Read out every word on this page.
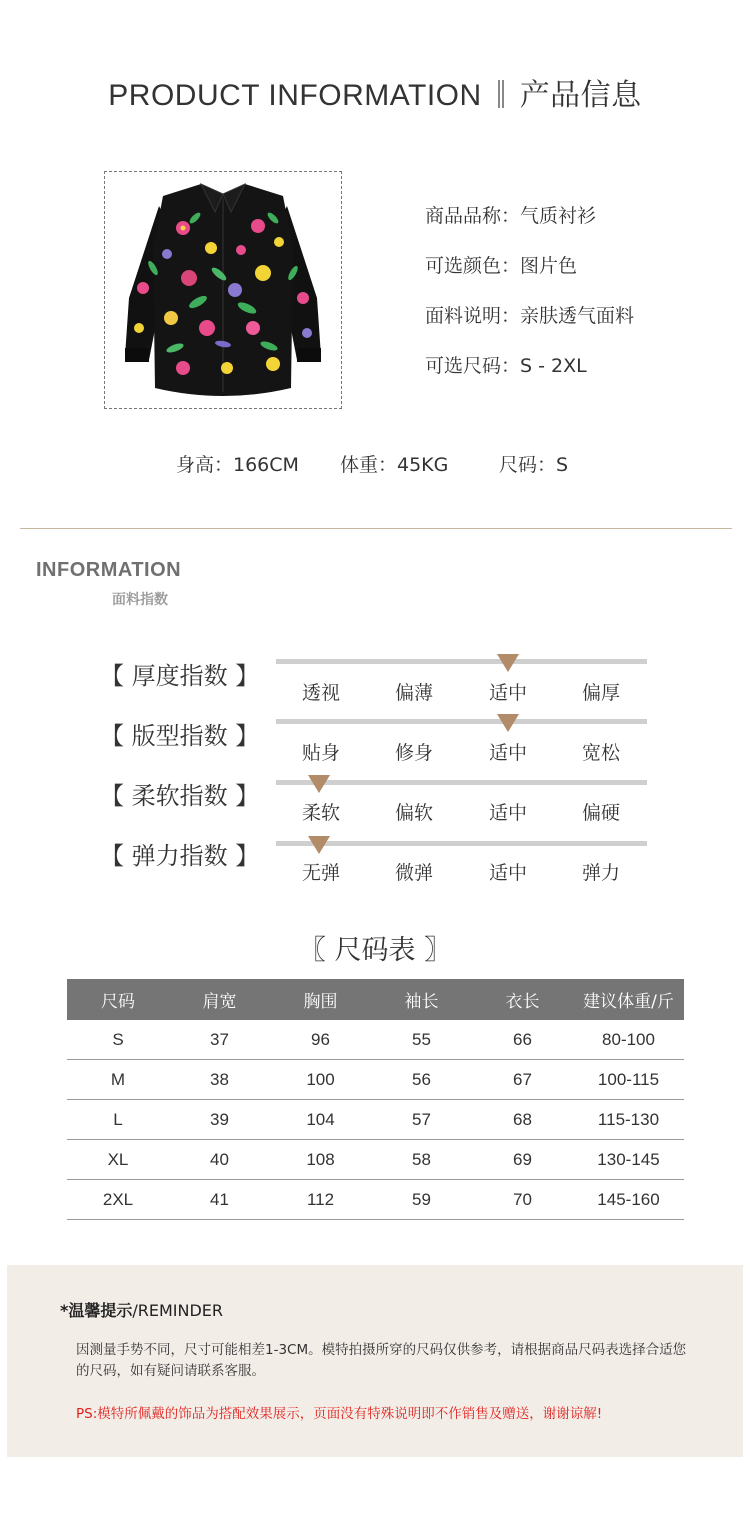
PRODUCT INFORMATION 产品信息
商品品称：气质衬衫
可选颜色：图片色
面料说明：亲肤透气面料
可选尺码：S - 2XL
身高：166CM 体重：45KG	尺码：S
INFORMATION
面料指数
【 厚度指数 】
透视	偏薄	适中	偏厚
【 版型指数 】
贴身	修身	适中	宽松
【 柔软指数 】
柔软	偏软	适中	偏硬
【 弹力指数 】
无弹	微弹	适中	弹力
〖 尺码表 〗
尺码	肩宽	胸围	袖长	衣长	建议体重/斤
S	37	96	55	66	80-100
M	38	100	56	67	100-115
L	39	104	57	68	115-130
XL	40	108	58	69	130-145
2XL	41	112	59	70	145-160
*温馨提示/REMINDER
因测量手势不同，尺寸可能相差1-3CM。模特拍摄所穿的尺码仅供参考，请根据商品尺码表选择合适您的尺码，如有疑问请联系客服。
PS:模特所佩戴的饰品为搭配效果展示，页面没有特殊说明即不作销售及赠送，谢谢谅解!
